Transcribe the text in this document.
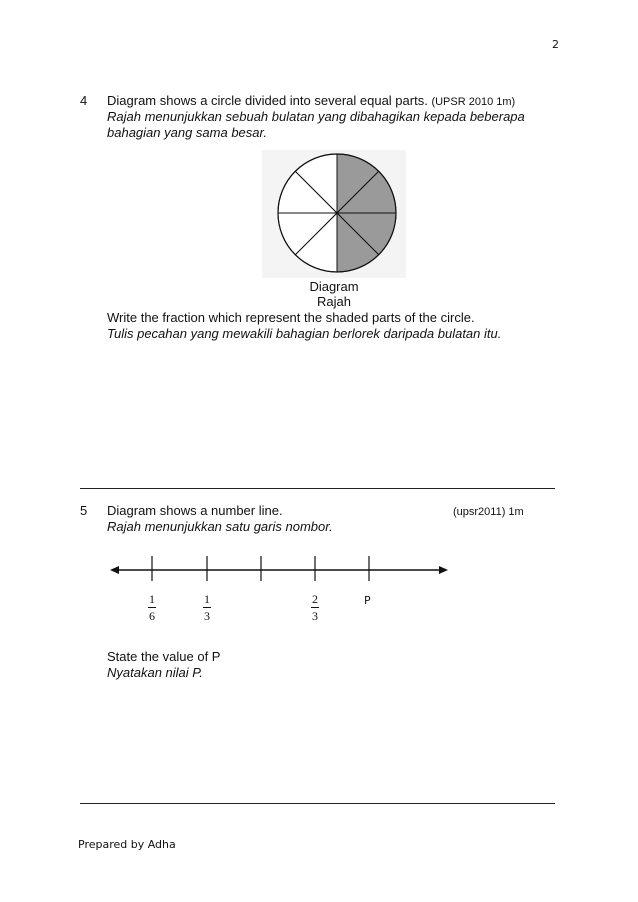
2
4 Diagram shows a circle divided into several equal parts. (UPSR 2010 1m)
Rajah menunjukkan sebuah bulatan yang dibahagikan kepada beberapa
bahagian yang sama besar.
Diagram
Rajah
Write the fraction which represent the shaded parts of the circle.
Tulis pecahan yang mewakili bahagian berlorek daripada bulatan itu.
5 Diagram shows a number line.	(upsr2011) 1m
Rajah menunjukkan satu garis nombor.
1
6
1
3
2
3
P
State the value of P
Nyatakan nilai P.
Prepared by Adha
